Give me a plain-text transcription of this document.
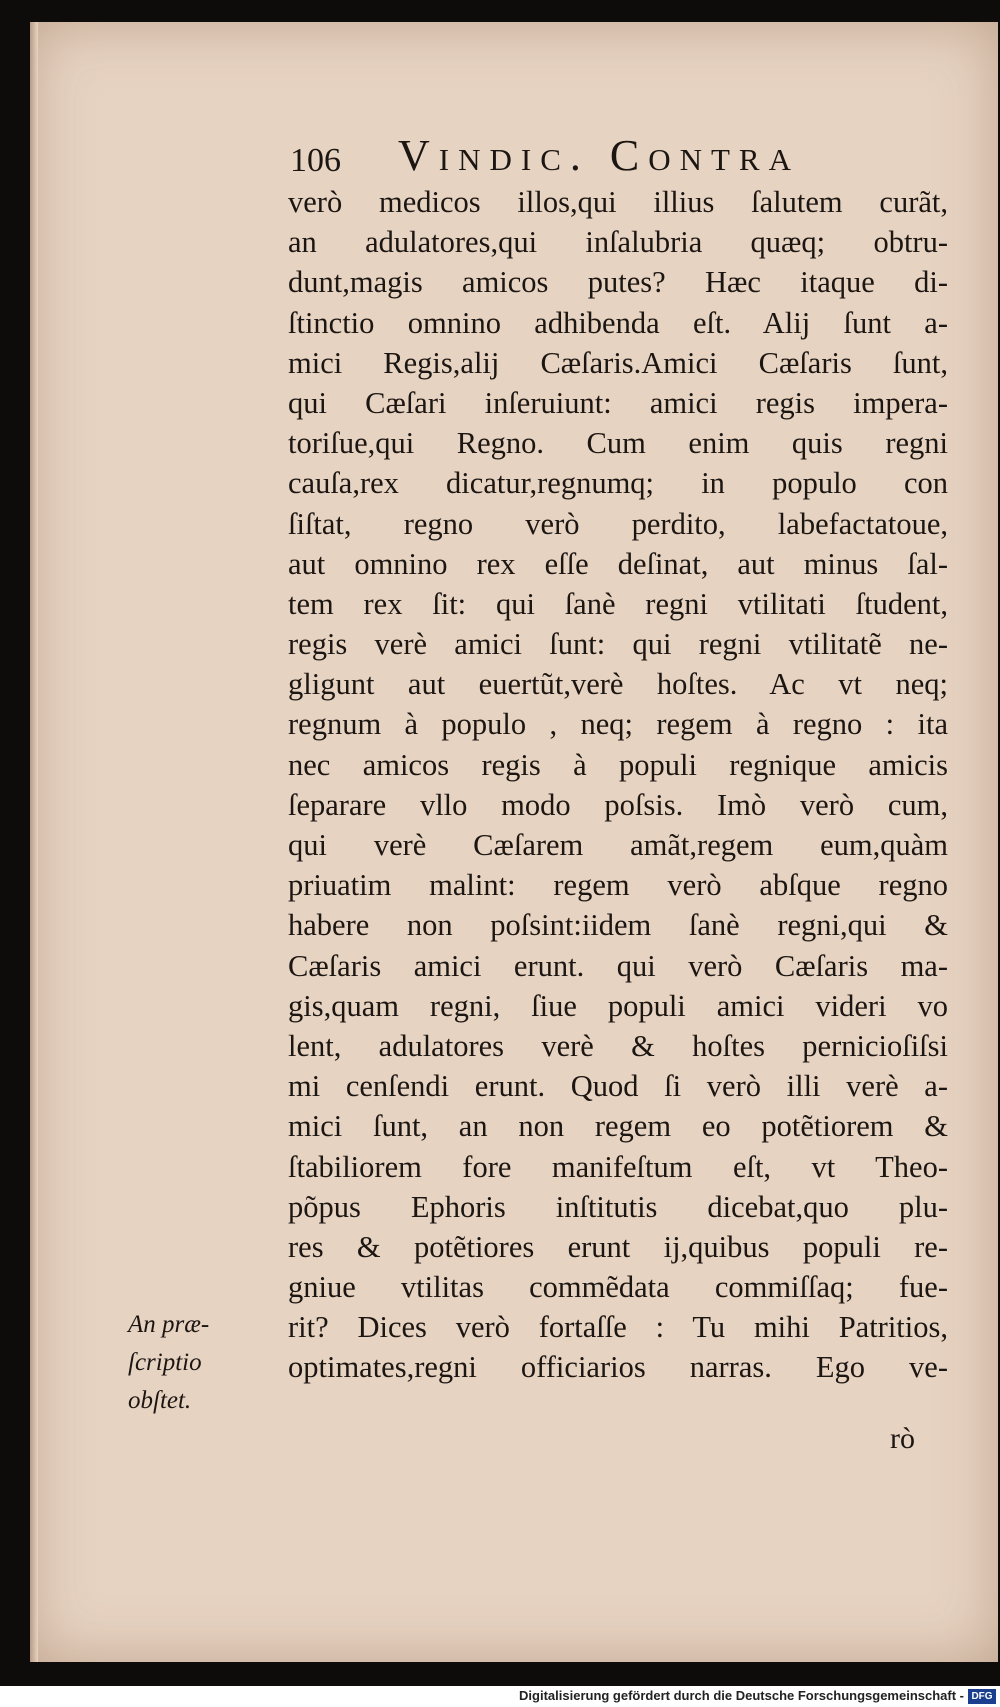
106 Vindic. Contra
verò medicos illos,qui illius ſalutem curãt,
an adulatores,qui inſalubria quæq; obtru-
dunt,magis amicos putes? Hæc itaque di-
ſtinctio omnino adhibenda eſt. Alij ſunt a-
mici Regis,alij Cæſaris.Amici Cæſaris ſunt,
qui Cæſari inſeruiunt: amici regis impera-
toriſue,qui Regno. Cum enim quis regni
cauſa,rex dicatur,regnumq; in populo con
ſiſtat, regno verò perdito, labefactatoue,
aut omnino rex eſſe deſinat, aut minus ſal-
tem rex ſit: qui ſanè regni vtilitati ſtudent,
regis verè amici ſunt: qui regni vtilitatẽ ne-
gligunt aut euertũt,verè hoſtes. Ac vt neq;
regnum à populo , neq; regem à regno : ita
nec amicos regis à populi regnique amicis
ſeparare vllo modo poſsis. Imò verò cum,
qui verè Cæſarem amãt,regem eum,quàm
priuatim malint: regem verò abſque regno
habere non poſsint:iidem ſanè regni,qui &
Cæſaris amici erunt. qui verò Cæſaris ma-
gis,quam regni, ſiue populi amici videri vo
lent, adulatores verè & hoſtes pernicioſiſsi
mi cenſendi erunt. Quod ſi verò illi verè a-
mici ſunt, an non regem eo potẽtiorem &
ſtabiliorem fore manifeſtum eſt, vt Theo-
põpus Ephoris inſtitutis dicebat,quo plu-
res & potẽtiores erunt ij,quibus populi re-
gniue vtilitas commẽdata commiſſaq; fue-
rit? Dices verò fortaſſe : Tu mihi Patritios,
optimates,regni officiarios narras. Ego ve-
An præ-
ſcriptio
obſtet.
rò
Digitalisierung gefördert durch die Deutsche Forschungsgemeinschaft - DFG
